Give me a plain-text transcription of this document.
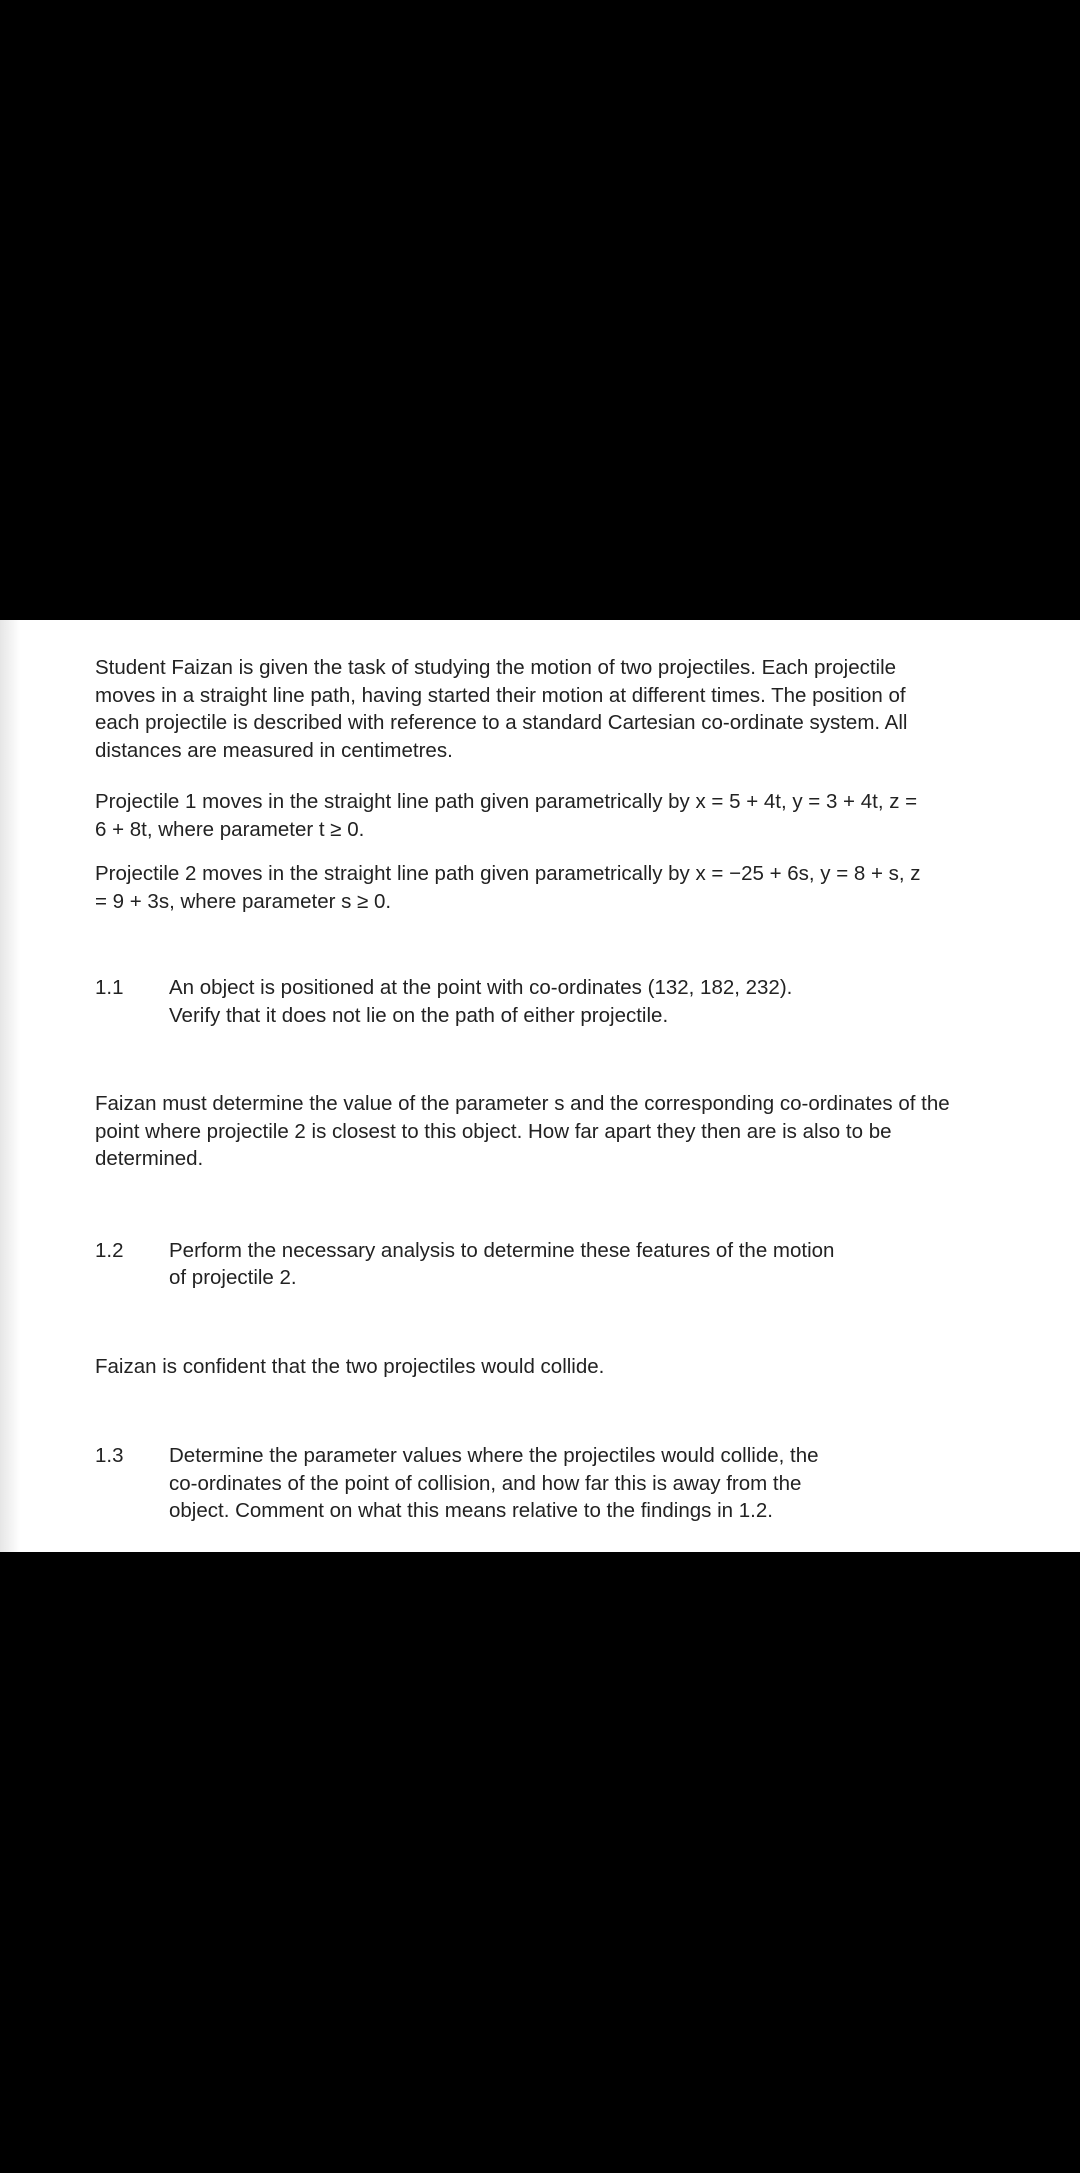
Student Faizan is given the task of studying the motion of two projectiles. Each projectile moves in a straight line path, having started their motion at different times. The position of each projectile is described with reference to a standard Cartesian co-ordinate system. All distances are measured in centimetres.

Projectile 1 moves in the straight line path given parametrically by x = 5 + 4t, y = 3 + 4t, z = 6 + 8t, where parameter t ≥ 0.

Projectile 2 moves in the straight line path given parametrically by x = −25 + 6s, y = 8 + s, z = 9 + 3s, where parameter s ≥ 0.

1.1	An object is positioned at the point with co-ordinates (132, 182, 232). Verify that it does not lie on the path of either projectile.

Faizan must determine the value of the parameter s and the corresponding co-ordinates of the point where projectile 2 is closest to this object. How far apart they then are is also to be determined.

1.2	Perform the necessary analysis to determine these features of the motion of projectile 2.

Faizan is confident that the two projectiles would collide.

1.3	Determine the parameter values where the projectiles would collide, the co-ordinates of the point of collision, and how far this is away from the object. Comment on what this means relative to the findings in 1.2.
